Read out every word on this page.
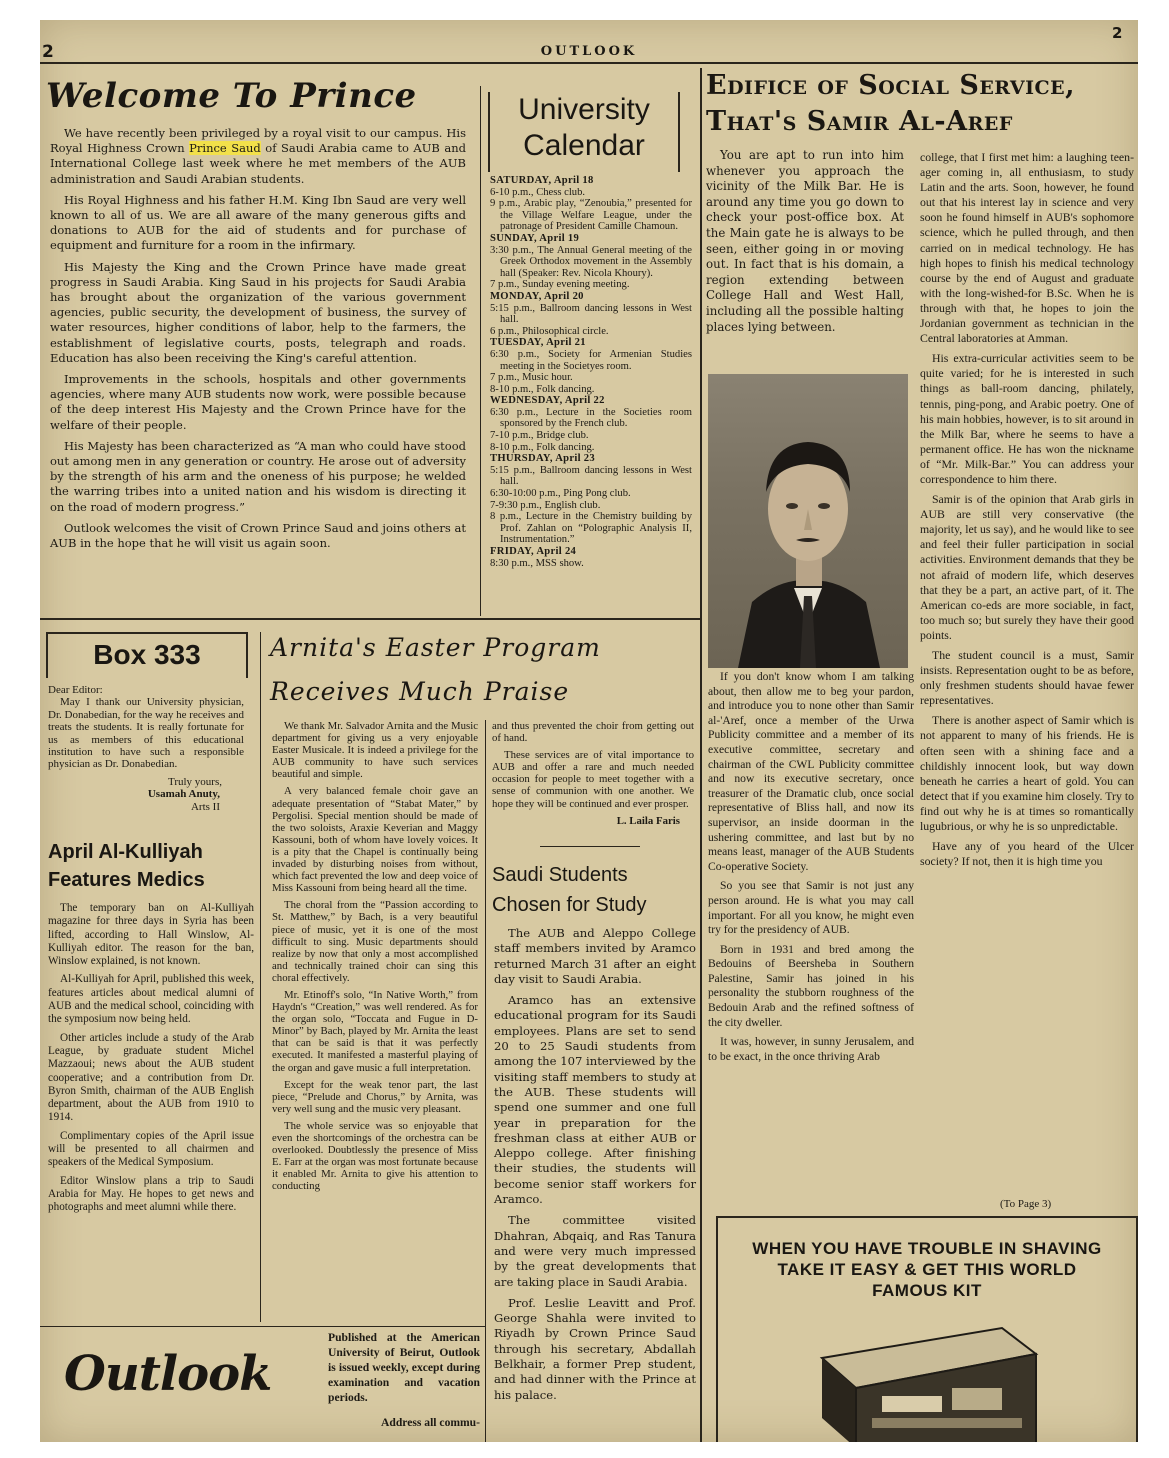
2	OUTLOOK
2
Welcome To Prince

We have recently been privileged by a royal visit to our campus. His Royal Highness Crown Prince Saud of Saudi Arabia came to AUB and International College last week where he met members of the AUB administration and Saudi Arabian students.

His Royal Highness and his father H.M. King Ibn Saud are very well known to all of us. We are all aware of the many generous gifts and donations to AUB for the aid of students and for purchase of equipment and furniture for a room in the infirmary.

His Majesty the King and the Crown Prince have made great progress in Saudi Arabia. King Saud in his projects for Saudi Arabia has brought about the organization of the various government agencies, public security, the development of business, the survey of water resources, higher conditions of labor, help to the farmers, the establishment of legislative courts, posts, telegraph and roads. Education has also been receiving the King's careful attention.

Improvements in the schools, hospitals and other governments agencies, where many AUB students now work, were possible because of the deep interest His Majesty and the Crown Prince have for the welfare of their people.

His Majesty has been characterized as “A man who could have stood out among men in any generation or country. He arose out of adversity by the strength of his arm and the oneness of his purpose; he welded the warring tribes into a united nation and his wisdom is directing it on the road of modern progress.”

Outlook welcomes the visit of Crown Prince Saud and joins others at AUB in the hope that he will visit us again soon.

University
Calendar
SATURDAY, April 18
6-10 p.m., Chess club.
9 p.m., Arabic play, “Zenoubia,” presented for the Village Welfare League, under the patronage of President Camille Chamoun.
SUNDAY, April 19
3:30 p.m., The Annual General meeting of the Greek Orthodox movement in the Assembly hall (Speaker: Rev. Nicola Khoury).
7 p.m., Sunday evening meeting.
MONDAY, April 20
5:15 p.m., Ballroom dancing lessons in West hall.
6 p.m., Philosophical circle.
TUESDAY, April 21
6:30 p.m., Society for Armenian Studies meeting in the Societyes room.
7 p.m., Music hour.
8-10 p.m., Folk dancing.
WEDNESDAY, April 22
6:30 p.m., Lecture in the Societies room sponsored by the French club.
7-10 p.m., Bridge club.
8-10 p.m., Folk dancing.
THURSDAY, April 23
5:15 p.m., Ballroom dancing lessons in West hall.
6:30-10:00 p.m., Ping Pong club.
7-9:30 p.m., English club.
8 p.m., Lecture in the Chemistry building by Prof. Zahlan on “Polographic Analysis II, Instrumentation.”
FRIDAY, April 24
8:30 p.m., MSS show.
Edifice of Social Service,
That's Samir Al-Aref

You are apt to run into him whenever you approach the vicinity of the Milk Bar. He is around any time you go down to check your post-office box. At the Main gate he is always to be seen, either going in or moving out. In fact that is his domain, a region extending between College Hall and West Hall, including all the possible halting places lying between.

college, that I first met him: a laughing teen-ager coming in, all enthusiasm, to study Latin and the arts. Soon, however, he found out that his interest lay in science and very soon he found himself in AUB's sophomore science, which he pulled through, and then carried on in medical technology. He has high hopes to finish his medical technology course by the end of August and graduate with the long-wished-for B.Sc. When he is through with that, he hopes to join the Jordanian government as technician in the Central laboratories at Amman.

His extra-curricular activities seem to be quite varied; for he is interested in such things as ball-room dancing, philately, tennis, ping-pong, and Arabic poetry. One of his main hobbies, however, is to sit around in the Milk Bar, where he seems to have a permanent office. He has won the nickname of “Mr. Milk-Bar.” You can address your correspondence to him there.

Samir is of the opinion that Arab girls in AUB are still very conservative (the majority, let us say), and he would like to see and feel their fuller participation in social activities. Environment demands that they be not afraid of modern life, which deserves that they be a part, an active part, of it. The American co-eds are more sociable, in fact, too much so; but surely they have their good points.

The student council is a must, Samir insists. Representation ought to be as before, only freshmen students should havae fewer representatives.

There is another aspect of Samir which is not apparent to many of his friends. He is often seen with a shining face and a childishly innocent look, but way down beneath he carries a heart of gold. You can detect that if you examine him closely. Try to find out why he is at times so romantically lugubrious, or why he is so unpredictable.

Have any of you heard of the Ulcer society? If not, then it is high time you

If you don't know whom I am talking about, then allow me to beg your pardon, and introduce you to none other than Samir al-'Aref, once a member of the Urwa Publicity committee and a member of its executive committee, secretary and chairman of the CWL Publicity committee and now its executive secretary, once treasurer of the Dramatic club, once social representative of Bliss hall, and now its supervisor, an inside doorman in the ushering committee, and last but by no means least, manager of the AUB Students Co-operative Society.

So you see that Samir is not just any person around. He is what you may call important. For all you know, he might even try for the presidency of AUB.

Born in 1931 and bred among the Bedouins of Beersheba in Southern Palestine, Samir has joined in his personality the stubborn roughness of the Bedouin Arab and the refined softness of the city dweller.

It was, however, in sunny Jerusalem, and to be exact, in the once thriving Arab

(To Page 3)
WHEN YOU HAVE TROUBLE IN SHAVING
TAKE IT EASY & GET THIS WORLD
FAMOUS KIT
Box 333

Dear Editor:

May I thank our University physician, Dr. Donabedian, for the way he receives and treats the students. It is really fortunate for us as members of this educational institution to have such a responsible physician as Dr. Donabedian.

Truly yours,
Usamah Anuty,
Arts II
April Al-Kulliyah
Features Medics

The temporary ban on Al-Kulliyah magazine for three days in Syria has been lifted, according to Hall Winslow, Al-Kulliyah editor. The reason for the ban, Winslow explained, is not known.

Al-Kulliyah for April, published this week, features articles about medical alumni of AUB and the medical school, coinciding with the symposium now being held.

Other articles include a study of the Arab League, by graduate student Michel Mazzaoui; news about the AUB student cooperative; and a contribution from Dr. Byron Smith, chairman of the AUB English department, about the AUB from 1910 to 1914.

Complimentary copies of the April issue will be presented to all chairmen and speakers of the Medical Symposium.

Editor Winslow plans a trip to Saudi Arabia for May. He hopes to get news and photographs and meet alumni while there.

Arnita's Easter Program
Receives Much Praise

We thank Mr. Salvador Arnita and the Music department for giving us a very enjoyable Easter Musicale. It is indeed a privilege for the AUB community to have such services beautiful and simple.

A very balanced female choir gave an adequate presentation of “Stabat Mater,” by Pergolisi. Special mention should be made of the two soloists, Araxie Keverian and Maggy Kassouni, both of whom have lovely voices. It is a pity that the Chapel is continually being invaded by disturbing noises from without, which fact prevented the low and deep voice of Miss Kassouni from being heard all the time.

The choral from the “Passion according to St. Matthew,” by Bach, is a very beautiful piece of music, yet it is one of the most difficult to sing. Music departments should realize by now that only a most accomplished and technically trained choir can sing this choral effectively.

Mr. Etinoff's solo, “In Native Worth,” from Haydn's “Creation,” was well rendered. As for the organ solo, “Toccata and Fugue in D-Minor” by Bach, played by Mr. Arnita the least that can be said is that it was perfectly executed. It manifested a masterful playing of the organ and gave music a full interpretation.

Except for the weak tenor part, the last piece, “Prelude and Chorus,” by Arnita, was very well sung and the music very pleasant.

The whole service was so enjoyable that even the shortcomings of the orchestra can be overlooked. Doubtlessly the presence of Miss E. Farr at the organ was most fortunate because it enabled Mr. Arnita to give his attention to conducting

and thus prevented the choir from getting out of hand.

These services are of vital importance to AUB and offer a rare and much needed occasion for people to meet together with a sense of communion with one another. We hope they will be continued and ever prosper.

L. Laila Faris
Saudi Students
Chosen for Study

The AUB and Aleppo College staff members invited by Aramco returned March 31 after an eight day visit to Saudi Arabia.

Aramco has an extensive educational program for its Saudi employees. Plans are set to send 20 to 25 Saudi students from among the 107 interviewed by the visiting staff members to study at the AUB. These students will spend one summer and one full year in preparation for the freshman class at either AUB or Aleppo college. After finishing their studies, the students will become senior staff workers for Aramco.

The committee visited Dhahran, Abqaiq, and Ras Tanura and were very much impressed by the great developments that are taking place in Saudi Arabia.

Prof. Leslie Leavitt and Prof. George Shahla were invited to Riyadh by Crown Prince Saud through his secretary, Abdallah Belkhair, a former Prep student, and had dinner with the Prince at his palace.

Outlook

Published at the American University of Beirut, Outlook is issued weekly, except during examination and vacation periods.

Address all commu-
